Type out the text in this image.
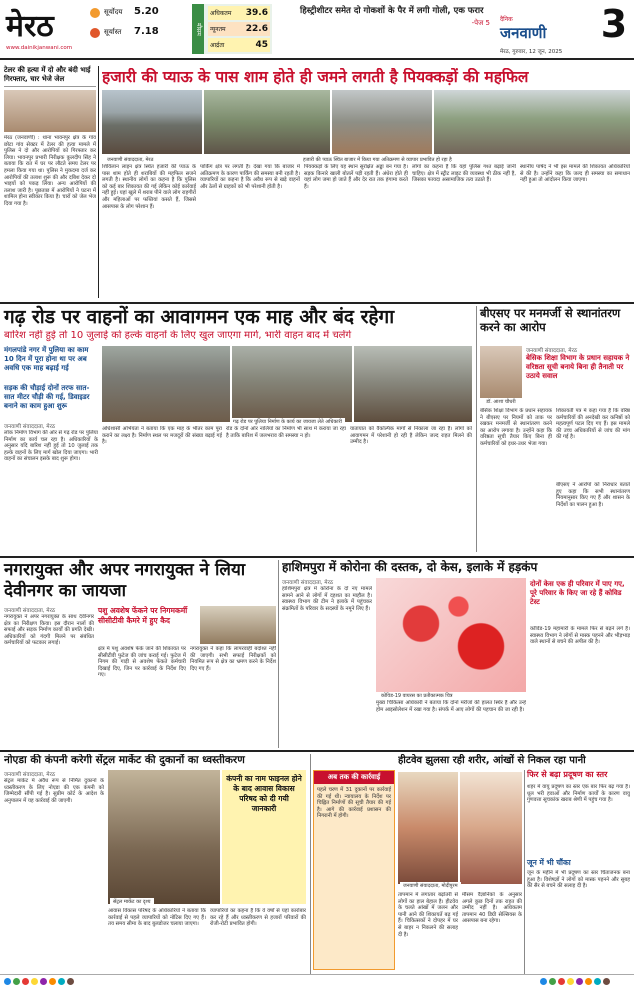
मेरठ
www.dainikjanwani.com
सूर्योदय 5.20
सूर्यास्त 7.18	मौसम
अधिकतम 39.6
न्यूनतम 22.6
आर्द्रता	45
हिस्ट्रीशीटर समेत दो गोकशों के पैर में लगी गोली, एक फरार
-पेज 5 दैनिक
जनवाणी
मेरठ, गुरुवार, 12 जून, 2025
3
टेलर की हत्या में दो और बंदी भाई गिरफ्तार, चार भेजे जेल
मेरठ (जनवाणी) : थाना भावनपुर क्षेत्र के गांव छोटा गांव सेक्टर में टेलर की हत्या मामले में पुलिस ने दो और आरोपियों को गिरफ्तार कर लिया। भावनपुर प्रभारी निरीक्षक कुलदीप सिंह ने बताया कि रात में घर पर लौटते समय टेलर पर हमला किया गया था। पुलिस ने मुकदमा दर्ज कर आरोपियों की तलाश शुरू की और दबिश देकर दो भाइयों को पकड़ लिया। अन्य आरोपियों की तलाश जारी है। पूछताछ में आरोपियों ने घटना में शामिल होना स्वीकार किया है। चारों को जेल भेज दिया गया है।
हजारी की प्याऊ के पास शाम होते ही जमने लगती है पियक्कड़ों की महफिल
जनवाणी संवाददाता, मेरठ	हजारी की प्याऊ स्थित बाजार में किया गया अतिक्रमण से व्यापार प्रभावित हो रहा है
शिविलान लाइन क्षेत्र स्थित हजारी की प्याऊ के पास शाम होते ही शराबियों की महफिल सजने लगती है। स्थानीय लोगों का कहना है कि पुलिस को कई बार शिकायत की गई लेकिन कोई कार्रवाई नहीं हुई। यहां खुले में शराब पीने वाले लोग राहगीरों और महिलाओं पर फब्तियां कसते हैं, जिससे आसपास के लोग परेशान हैं।
पार्किंग क्षेत्र पर लगती है। देखा गया कि बाजार में अतिक्रमण के कारण पार्किंग की समस्या बनी रहती है। व्यापारियों का कहना है कि अवैध रूप से खड़े वाहनों और ठेलों से ग्राहकों को भी परेशानी होती है।
पियक्कड़ों के लिए यह स्थान सुरक्षित अड्डा बन गया है। सड़क किनारे खाली बोतलें पड़ी रहती हैं। अंधेरा होते ही यहां लोग जमा हो जाते हैं और देर रात तक हंगामा करते हैं।
लोगों का कहना है कि यहां पुलिस गश्त बढ़ाई जानी चाहिए। क्षेत्र में स्ट्रीट लाइट की व्यवस्था भी ठीक नहीं है, जिसका फायदा असामाजिक तत्व उठाते हैं।
स्थानीय पार्षद ने भी इस मामले की शिकायत अधिकारियों से की है। उन्होंने कहा कि जल्द ही समस्या का समाधान नहीं हुआ तो आंदोलन किया जाएगा।
गढ़ रोड पर वाहनों का आवागमन एक माह और बंद रहेगा
बारिश नहीं हुई तो 10 जुलाई को हल्के वाहनों के लिए खुल जाएगा मार्ग, भारी वाहन बाद में चलेंगे
मंगलपांडे नगर में पुलिया का काम 10 दिन में पूरा होना था पर अब अवधि एक माह बढ़ाई गई
सड़क की चौड़ाई दोनों तरफ सात-सात मीटर चौड़ी की गई, डिवाइडर बनाने का काम हुआ शुरू
जनवाणी संवाददाता, मेरठ
लोक निर्माण विभाग की ओर से गढ़ रोड पर पुलिया निर्माण का कार्य चल रहा है। अधिकारियों के अनुसार यदि बारिश नहीं हुई तो 10 जुलाई तक हल्के वाहनों के लिए मार्ग खोल दिया जाएगा। भारी वाहनों का संचालन इसके बाद शुरू होगा।
गढ़ रोड पर पुलिया निर्माण के कार्य का जायजा लेते अधिकारी
अधिशासी अभियंता ने बताया कि एक माह के भीतर काम पूरा कराने का लक्ष्य है। निर्माण स्थल पर मजदूरों की संख्या बढ़ाई गई है।
रोड के दोनों ओर नालियों का निर्माण भी साथ में कराया जा रहा है ताकि बारिश में जलभराव की समस्या न हो।
यातायात को वैकल्पिक मार्गों से निकाला जा रहा है। लोगों को आवागमन में परेशानी हो रही है लेकिन जल्द राहत मिलने की उम्मीद है।
बीएसए पर मनमर्जी से स्थानांतरण करने का आरोप
डॉ. आशा चौधरी
जनवाणी संवाददाता, मेरठ
बेसिक शिक्षा विभाग के प्रधान सहायक ने वरिष्ठता सूची बनाये बिना ही तैनाती पर उठाये सवाल
बेसिक शिक्षा विभाग के प्रधान सहायक ने बीएसए पर नियमों को ताक पर रखकर मनमर्जी से स्थानांतरण करने का आरोप लगाया है। उन्होंने कहा कि वरिष्ठता सूची तैयार किए बिना ही कर्मचारियों को इधर-उधर भेजा गया।
शिकायती पत्र में कहा गया है कि वरिष्ठ कर्मचारियों की अनदेखी कर कनिष्ठों को महत्वपूर्ण पटल दिए गए हैं। इस मामले की उच्च अधिकारियों से जांच की मांग की गई है।
बीएसए ने आरोपों को निराधार बताते हुए कहा कि सभी स्थानांतरण नियमानुसार किए गए हैं और शासन के निर्देशों का पालन हुआ है।
नगरायुक्त और अपर नगरायुक्त ने लिया देवीनगर का जायजा
जनवाणी संवाददाता, मेरठ
नगरायुक्त ने अपर नगरायुक्त के साथ देवीनगर क्षेत्र का निरीक्षण किया। इस दौरान नालों की सफाई और सड़क निर्माण कार्यों की प्रगति देखी। अधिकारियों को गंदगी मिलने पर संबंधित कर्मचारियों को फटकार लगाई।
पशु अवशेष फेंकने पर निगमकर्मी सीसीटीवी कैमरे में हुए कैद
क्षेत्र में पशु अवशेष फेंके जाने की शिकायत पर सीसीटीवी फुटेज की जांच कराई गई। फुटेज में निगम की गाड़ी से अवशेष फेंकते कर्मचारी दिखाई दिए, जिन पर कार्रवाई के निर्देश दिए गए।
नगरायुक्त ने कहा कि लापरवाही बर्दाश्त नहीं की जाएगी। सभी सफाई निरीक्षकों को नियमित रूप से क्षेत्र का भ्रमण करने के निर्देश दिए गए हैं।
हाशिमपुरा में कोरोना की दस्तक, दो केस, इलाके में हड़कंप
जनवाणी संवाददाता, मेरठ
हाशिमपुरा क्षेत्र में कोरोना के दो नए मामले सामने आने से लोगों में दहशत का माहौल है। स्वास्थ्य विभाग की टीम ने इलाके में पहुंचकर संक्रमितों के परिवार के सदस्यों के नमूने लिए हैं।
कोविड-19 वायरस का प्रतीकात्मक चित्र
दोनों केस एक ही परिवार में पाए गए, पूरे परिवार के किए जा रहे हैं कोविड टेस्ट
मुख्य चिकित्सा अधिकारी ने बताया कि दोनों मरीजों की हालत स्थिर है और उन्हें होम आइसोलेशन में रखा गया है। संपर्क में आए लोगों की पहचान की जा रही है।
कोविड-19 महामारी के मामले फिर से बढ़ने लगे हैं। स्वास्थ्य विभाग ने लोगों से मास्क पहनने और भीड़भाड़ वाले स्थानों से बचने की अपील की है।
नोएडा की कंपनी करेगी सेंट्रल मार्केट की दुकानों का ध्वस्तीकरण
जनवाणी संवाददाता, मेरठ
सेंट्रल मार्केट में अवैध रूप से निर्मित दुकानों के ध्वस्तीकरण के लिए नोएडा की एक कंपनी को जिम्मेदारी सौंपी गई है। सुप्रीम कोर्ट के आदेश के अनुपालन में यह कार्रवाई की जाएगी।
सेंट्रल मार्केट का दृश्य
कंपनी का नाम फाइनल होने के बाद आवास विकास परिषद को दी गयी जानकारी
आवास विकास परिषद के अधिकारियों ने बताया कि कार्रवाई से पहले व्यापारियों को नोटिस दिए गए हैं। तय समय सीमा के बाद बुलडोजर चलाया जाएगा।
व्यापारियों का कहना है कि वे वर्षों से यहां कारोबार कर रहे हैं और ध्वस्तीकरण से हजारों परिवारों की रोजी-रोटी प्रभावित होगी।
अब तक की कार्रवाई
पहले चरण में 31 दुकानों पर कार्रवाई की गई थी। न्यायालय के निर्देश पर चिह्नित निर्माणों की सूची तैयार की गई है। आगे की कार्रवाई प्रशासन की निगरानी में होगी।
हीटवेव झुलसा रही शरीर, आंखों से निकल रहा पानी
जनवाणी संवाददाता, मोदीपुरम
तापमान में लगातार बढ़ोतरी से लोगों का हाल बेहाल है। हीटवेव के चलते आंखों में जलन और पानी आने की शिकायतें बढ़ गई हैं। चिकित्सकों ने दोपहर में घर से बाहर न निकलने की सलाह दी है।
मौसम वैज्ञानिकों के अनुसार अगले कुछ दिनों तक राहत की उम्मीद नहीं है। अधिकतम तापमान 40 डिग्री सेल्सियस के आसपास बना रहेगा।
फिर से बढ़ा प्रदूषण का स्तर
शहर में वायु प्रदूषण का स्तर एक बार फिर बढ़ गया है। धूल भरी हवाओं और निर्माण कार्यों के कारण वायु गुणवत्ता सूचकांक खराब श्रेणी में पहुंच गया है।
जून में भी चौंका
जून के महीने में भी प्रदूषण का स्तर चिंताजनक बना हुआ है। विशेषज्ञों ने लोगों को मास्क पहनने और सुबह की सैर से बचने की सलाह दी है।
